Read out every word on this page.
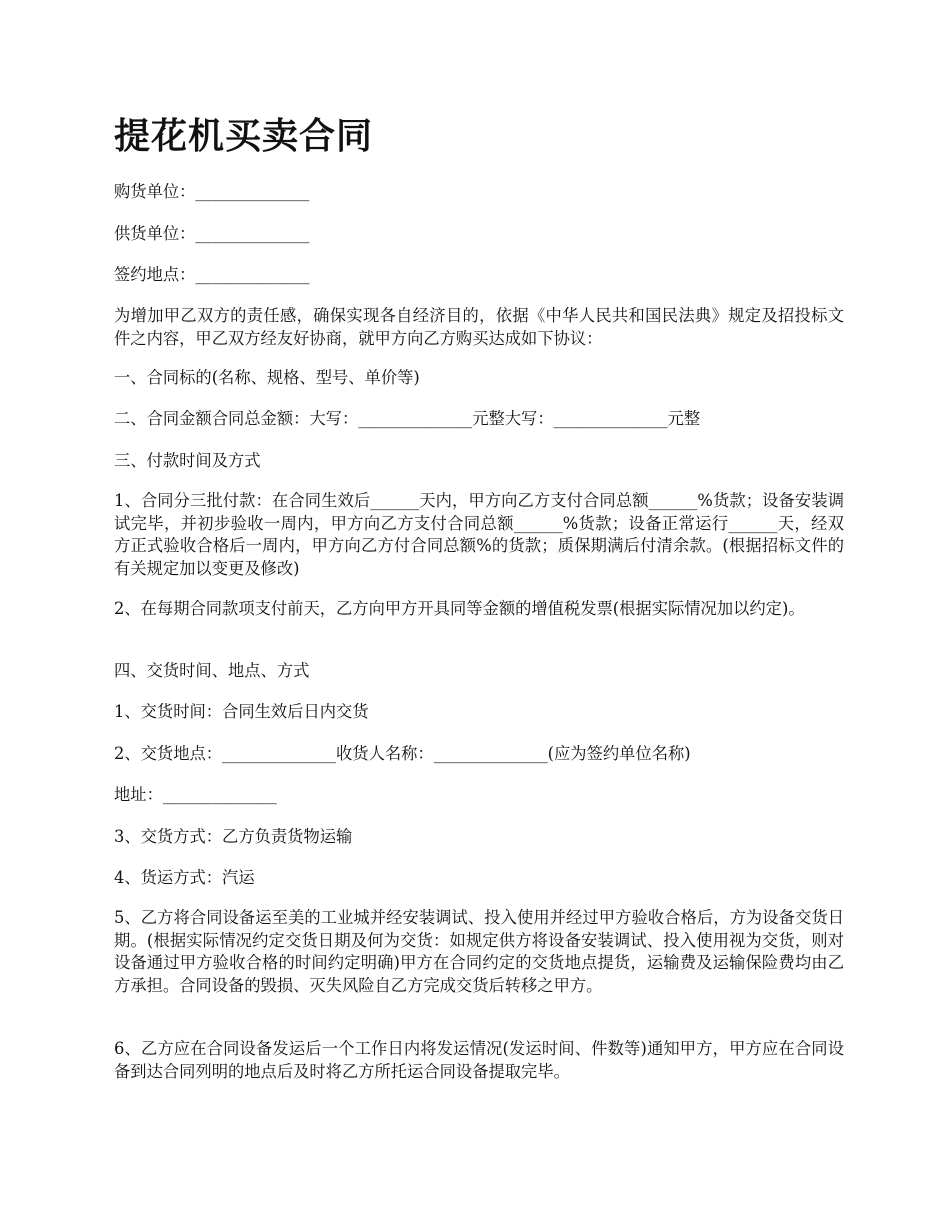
提花机买卖合同

购货单位：______________

供货单位：______________

签约地点：______________

为增加甲乙双方的责任感，确保实现各自经济目的，依据《中华人民共和国民法典》规定及招投标文件之内容，甲乙双方经友好协商，就甲方向乙方购买达成如下协议：

一、合同标的(名称、规格、型号、单价等)

二、合同金额合同总金额：大写：______________元整大写：______________元整

三、付款时间及方式

1、合同分三批付款：在合同生效后______天内，甲方向乙方支付合同总额______%货款；设备安装调试完毕，并初步验收一周内，甲方向乙方支付合同总额______%货款；设备正常运行______天，经双方正式验收合格后一周内，甲方向乙方付合同总额%的货款；质保期满后付清余款。(根据招标文件的有关规定加以变更及修改)

2、在每期合同款项支付前天，乙方向甲方开具同等金额的增值税发票(根据实际情况加以约定)。

四、交货时间、地点、方式

1、交货时间：合同生效后日内交货

2、交货地点：______________收货人名称：______________(应为签约单位名称)

地址：______________

3、交货方式：乙方负责货物运输

4、货运方式：汽运

5、乙方将合同设备运至美的工业城并经安装调试、投入使用并经过甲方验收合格后，方为设备交货日期。(根据实际情况约定交货日期及何为交货：如规定供方将设备安装调试、投入使用视为交货，则对设备通过甲方验收合格的时间约定明确)甲方在合同约定的交货地点提货，运输费及运输保险费均由乙方承担。合同设备的毁损、灭失风险自乙方完成交货后转移之甲方。

6、乙方应在合同设备发运后一个工作日内将发运情况(发运时间、件数等)通知甲方，甲方应在合同设备到达合同列明的地点后及时将乙方所托运合同设备提取完毕。
